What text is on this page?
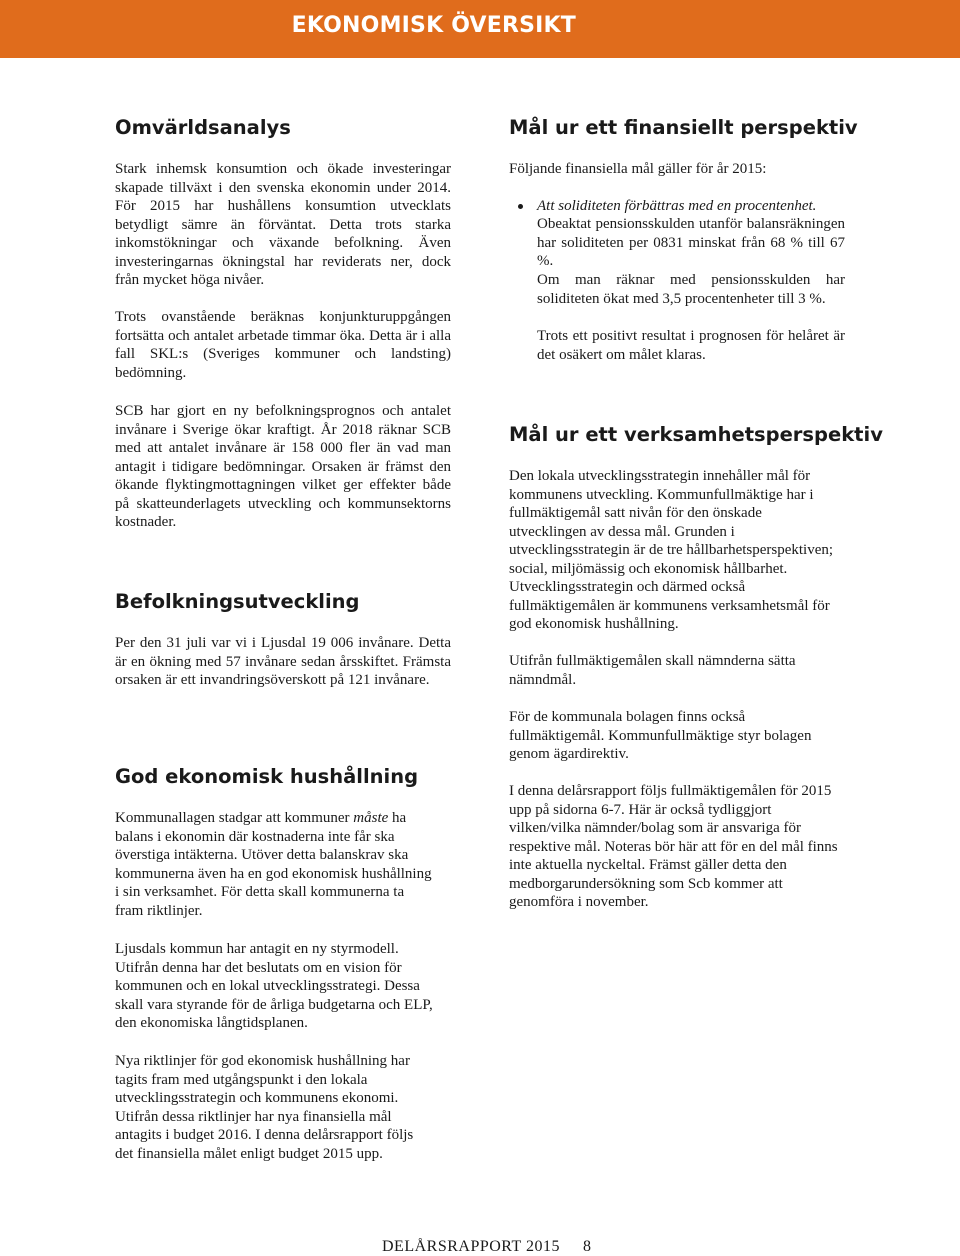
EKONOMISK ÖVERSIKT
Omvärldsanalys

Stark inhemsk konsumtion och ökade investeringar skapade tillväxt i den svenska ekonomin under 2014. För 2015 har hushållens konsumtion utvecklats betydligt sämre än förväntat. Detta trots starka inkomstökningar och växande befolkning. Även investeringarnas ökningstal har reviderats ner, dock från mycket höga nivåer.

Trots ovanstående beräknas konjunkturuppgången fortsätta och antalet arbetade timmar öka. Detta är i alla fall SKL:s (Sveriges kommuner och landsting) bedömning.

SCB har gjort en ny befolkningsprognos och antalet invånare i Sverige ökar kraftigt. År 2018 räknar SCB med att antalet invånare är 158 000 fler än vad man antagit i tidigare bedömningar. Orsaken är främst den ökande flyktingmottagningen vilket ger effekter både på skatteunderlagets utveckling och kommunsektorns kostnader.

Befolkningsutveckling

Per den 31 juli var vi i Ljusdal 19 006 invånare. Detta är en ökning med 57 invånare sedan årsskiftet. Främsta orsaken är ett invandringsöverskott på 121 invånare.

God ekonomisk hushållning

Kommunallagen stadgar att kommuner måste ha balans i ekonomin där kostnaderna inte får ska överstiga intäkterna. Utöver detta balanskrav ska kommunerna även ha en god ekonomisk hushållning i sin verksamhet. För detta skall kommunerna ta fram riktlinjer.

Ljusdals kommun har antagit en ny styrmodell. Utifrån denna har det beslutats om en vision för kommunen och en lokal utvecklingsstrategi. Dessa skall vara styrande för de årliga budgetarna och ELP, den ekonomiska långtidsplanen.

Nya riktlinjer för god ekonomisk hushållning har tagits fram med utgångspunkt i den lokala utvecklingsstrategin och kommunens ekonomi. Utifrån dessa riktlinjer har nya finansiella mål antagits i budget 2016. I denna delårsrapport följs det finansiella målet enligt budget 2015 upp.

Mål ur ett finansiellt perspektiv

Följande finansiella mål gäller för år 2015:

Att soliditeten förbättras med en procentenhet.

Obeaktat pensionsskulden utanför balansräkningen har soliditeten per 0831 minskat från 68 % till 67 %.

Om man räknar med pensionsskulden har soliditeten ökat med 3,5 procentenheter till 3 %.

Trots ett positivt resultat i prognosen för helåret är det osäkert om målet klaras.

Mål ur ett verksamhetsperspektiv

Den lokala utvecklingsstrategin innehåller mål för kommunens utveckling. Kommunfullmäktige har i fullmäktigemål satt nivån för den önskade utvecklingen av dessa mål. Grunden i utvecklingsstrategin är de tre hållbarhetsperspektiven; social, miljömässig och ekonomisk hållbarhet. Utvecklingsstrategin och därmed också fullmäktigemålen är kommunens verksamhetsmål för god ekonomisk hushållning.

Utifrån fullmäktigemålen skall nämnderna sätta nämndmål.

För de kommunala bolagen finns också fullmäktigemål. Kommunfullmäktige styr bolagen genom ägardirektiv.

I denna delårsrapport följs fullmäktigemålen för 2015 upp på sidorna 6-7. Här är också tydliggjort vilken/vilka nämnder/bolag som är ansvariga för respektive mål. Noteras bör här att för en del mål finns inte aktuella nyckeltal. Främst gäller detta den medborgarundersökning som Scb kommer att genomföra i november.

DELÅRSRAPPORT 2015 8
